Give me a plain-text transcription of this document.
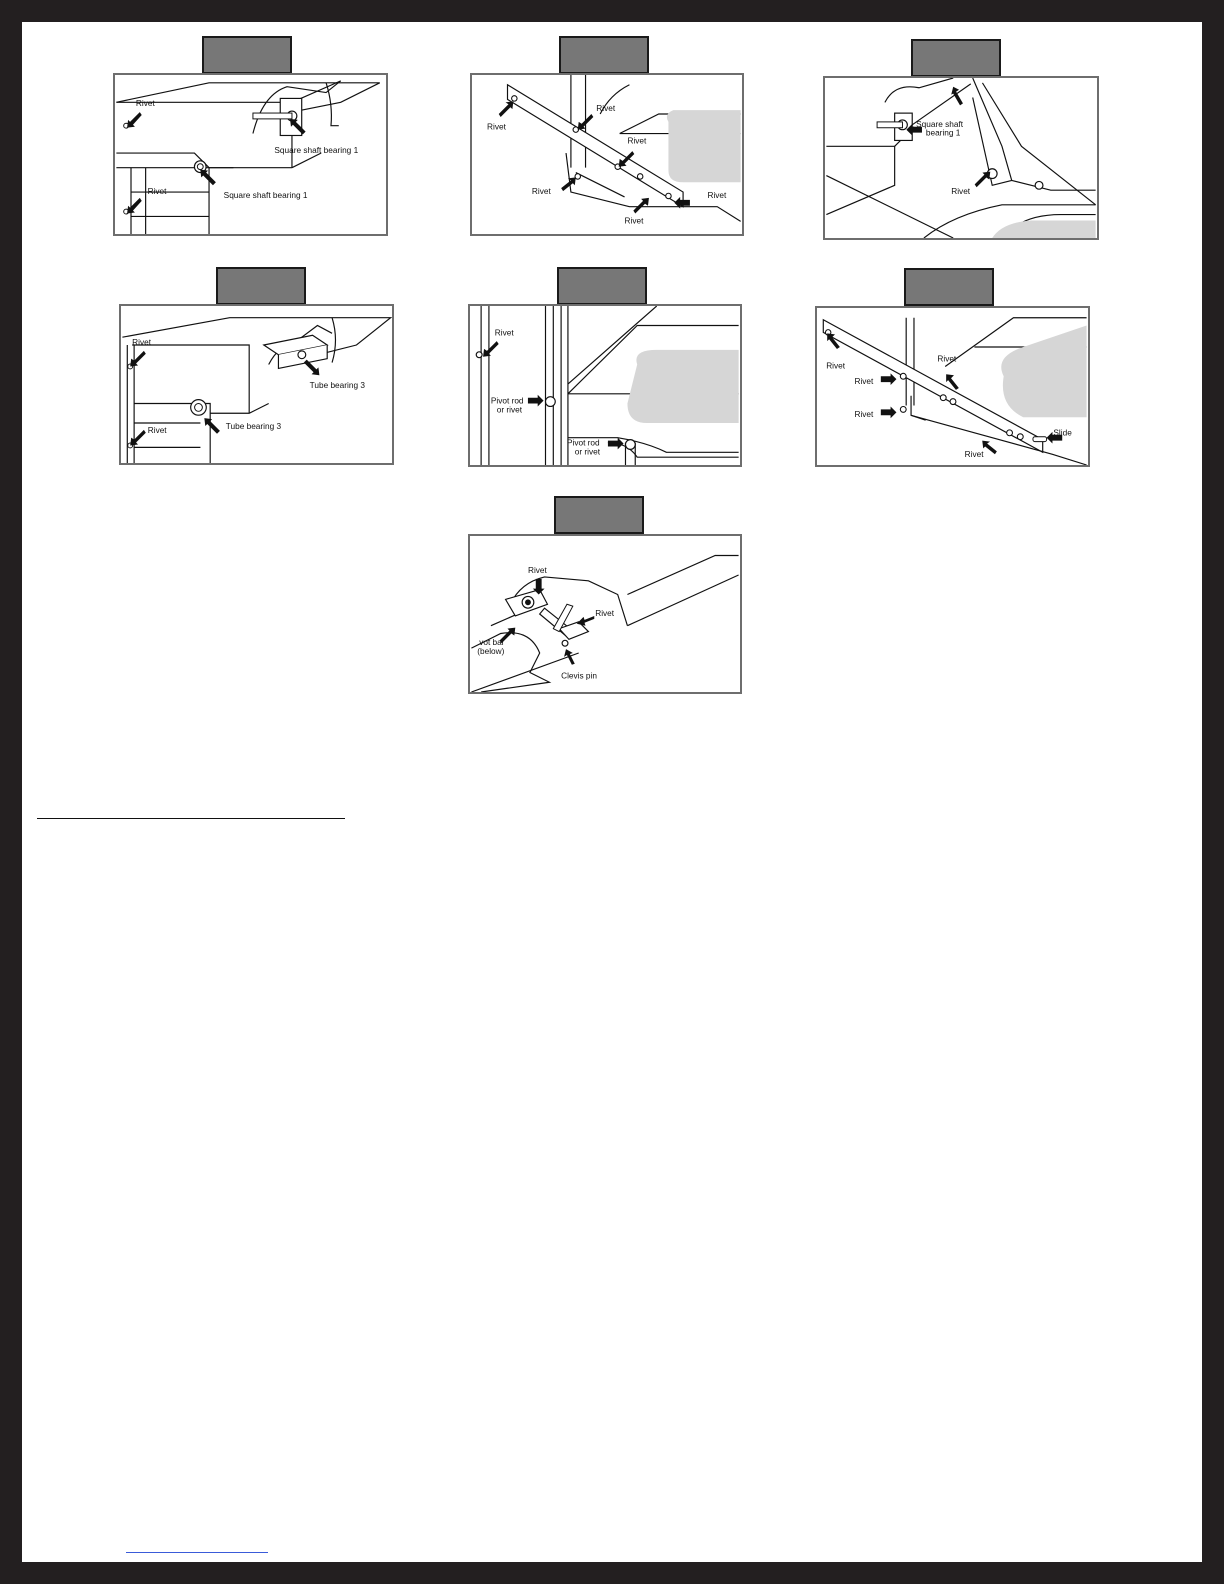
Rivet
Square shaft bearing 1
Square shaft bearing 1
Rivet
Rivet
Rivet
Rivet
Rivet	Rivet
Rivet
Square shaft
bearing 1
Rivet
Rivet
Tube bearing 3
Tube bearing 3
Rivet
Rivet
Pivot rod
or rivet
Pivot rod
or rivet
Rivet
Rivet
Rivet
Rivet
Slide
Rivet
Rivet
Rivet
vot bal
(below)
Clevis pin
